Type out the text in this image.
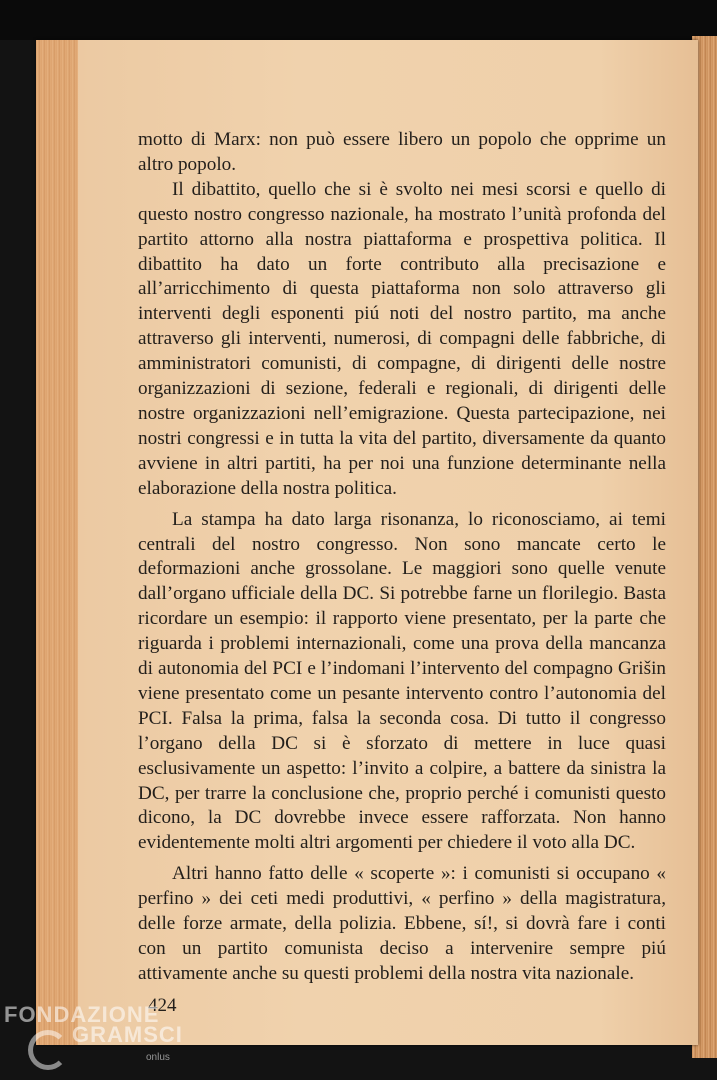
motto di Marx: non può essere libero un popolo che opprime un altro popolo.

Il dibattito, quello che si è svolto nei mesi scorsi e quello di questo nostro congresso nazionale, ha mostrato l’unità profonda del partito attorno alla nostra piattaforma e prospettiva politica. Il dibattito ha dato un forte contributo alla precisazione e all’arricchimento di questa piattaforma non solo attraverso gli interventi degli esponenti piú noti del nostro partito, ma anche attraverso gli interventi, numerosi, di compagni delle fabbriche, di amministratori comunisti, di compagne, di dirigenti delle nostre organizzazioni di sezione, federali e regionali, di dirigenti delle nostre organizzazioni nell’emigrazione. Questa partecipazione, nei nostri congressi e in tutta la vita del partito, diversamente da quanto avviene in altri partiti, ha per noi una funzione determinante nella elaborazione della nostra politica.

La stampa ha dato larga risonanza, lo riconosciamo, ai temi centrali del nostro congresso. Non sono mancate certo le deformazioni anche grossolane. Le maggiori sono quelle venute dall’organo ufficiale della DC. Si potrebbe farne un florilegio. Basta ricordare un esempio: il rapporto viene presentato, per la parte che riguarda i problemi internazionali, come una prova della mancanza di autonomia del PCI e l’indomani l’intervento del compagno Grišin viene presentato come un pesante intervento contro l’autonomia del PCI. Falsa la prima, falsa la seconda cosa. Di tutto il congresso l’organo della DC si è sforzato di mettere in luce quasi esclusivamente un aspetto: l’invito a colpire, a battere da sinistra la DC, per trarre la conclusione che, proprio perché i comunisti questo dicono, la DC dovrebbe invece essere rafforzata. Non hanno evidentemente molti altri argomenti per chiedere il voto alla DC.

Altri hanno fatto delle « scoperte »: i comunisti si occupano « perfino » dei ceti medi produttivi, « perfino » della magistratura, delle forze armate, della polizia. Ebbene, sí!, si dovrà fare i conti con un partito comunista deciso a intervenire sempre piú attivamente anche su questi problemi della nostra vita nazionale.

424
FONDAZIONE
GRAMSCI
onlus
